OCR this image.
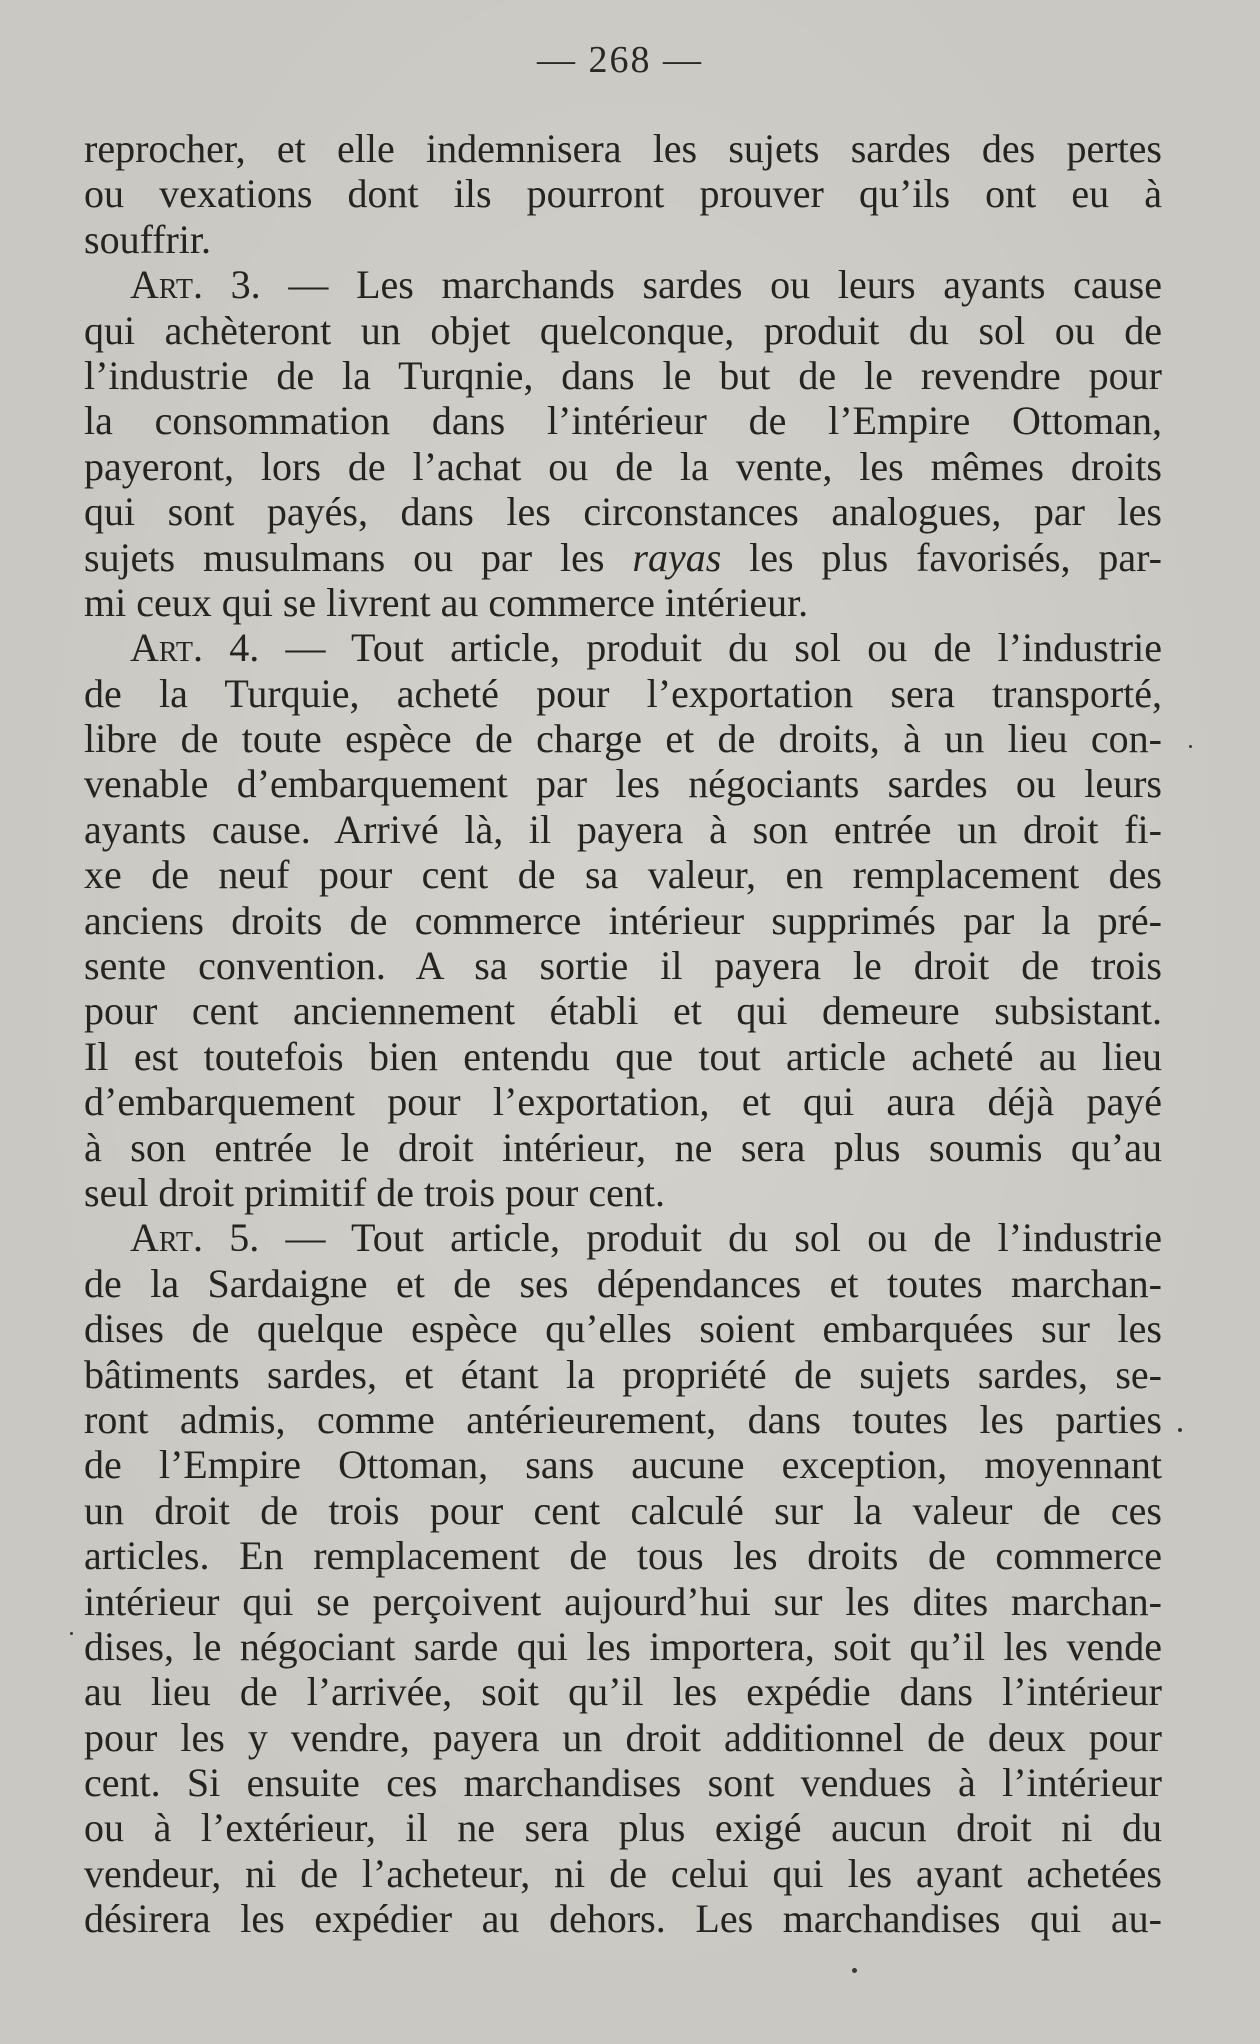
— 268 —
reprocher, et elle indemnisera les sujets sardes des pertes
ou vexations dont ils pourront prouver qu’ils ont eu à
souffrir.
Art. 3. — Les marchands sardes ou leurs ayants cause
qui achèteront un objet quelconque, produit du sol ou de
l’industrie de la Turqnie, dans le but de le revendre pour
la consommation dans l’intérieur de l’Empire Ottoman,
payeront, lors de l’achat ou de la vente, les mêmes droits
qui sont payés, dans les circonstances analogues, par les
sujets musulmans ou par les rayas les plus favorisés, par-
mi ceux qui se livrent au commerce intérieur.
Art. 4. — Tout article, produit du sol ou de l’industrie
de la Turquie, acheté pour l’exportation sera transporté,
libre de toute espèce de charge et de droits, à un lieu con-
venable d’embarquement par les négociants sardes ou leurs
ayants cause. Arrivé là, il payera à son entrée un droit fi-
xe de neuf pour cent de sa valeur, en remplacement des
anciens droits de commerce intérieur supprimés par la pré-
sente convention. A sa sortie il payera le droit de trois
pour cent anciennement établi et qui demeure subsistant.
Il est toutefois bien entendu que tout article acheté au lieu
d’embarquement pour l’exportation, et qui aura déjà payé
à son entrée le droit intérieur, ne sera plus soumis qu’au
seul droit primitif de trois pour cent.
Art. 5. — Tout article, produit du sol ou de l’industrie
de la Sardaigne et de ses dépendances et toutes marchan-
dises de quelque espèce qu’elles soient embarquées sur les
bâtiments sardes, et étant la propriété de sujets sardes, se-
ront admis, comme antérieurement, dans toutes les parties
de l’Empire Ottoman, sans aucune exception, moyennant
un droit de trois pour cent calculé sur la valeur de ces
articles. En remplacement de tous les droits de commerce
intérieur qui se perçoivent aujourd’hui sur les dites marchan-
dises, le négociant sarde qui les importera, soit qu’il les vende
au lieu de l’arrivée, soit qu’il les expédie dans l’intérieur
pour les y vendre, payera un droit additionnel de deux pour
cent. Si ensuite ces marchandises sont vendues à l’intérieur
ou à l’extérieur, il ne sera plus exigé aucun droit ni du
vendeur, ni de l’acheteur, ni de celui qui les ayant achetées
désirera les expédier au dehors. Les marchandises qui au-
